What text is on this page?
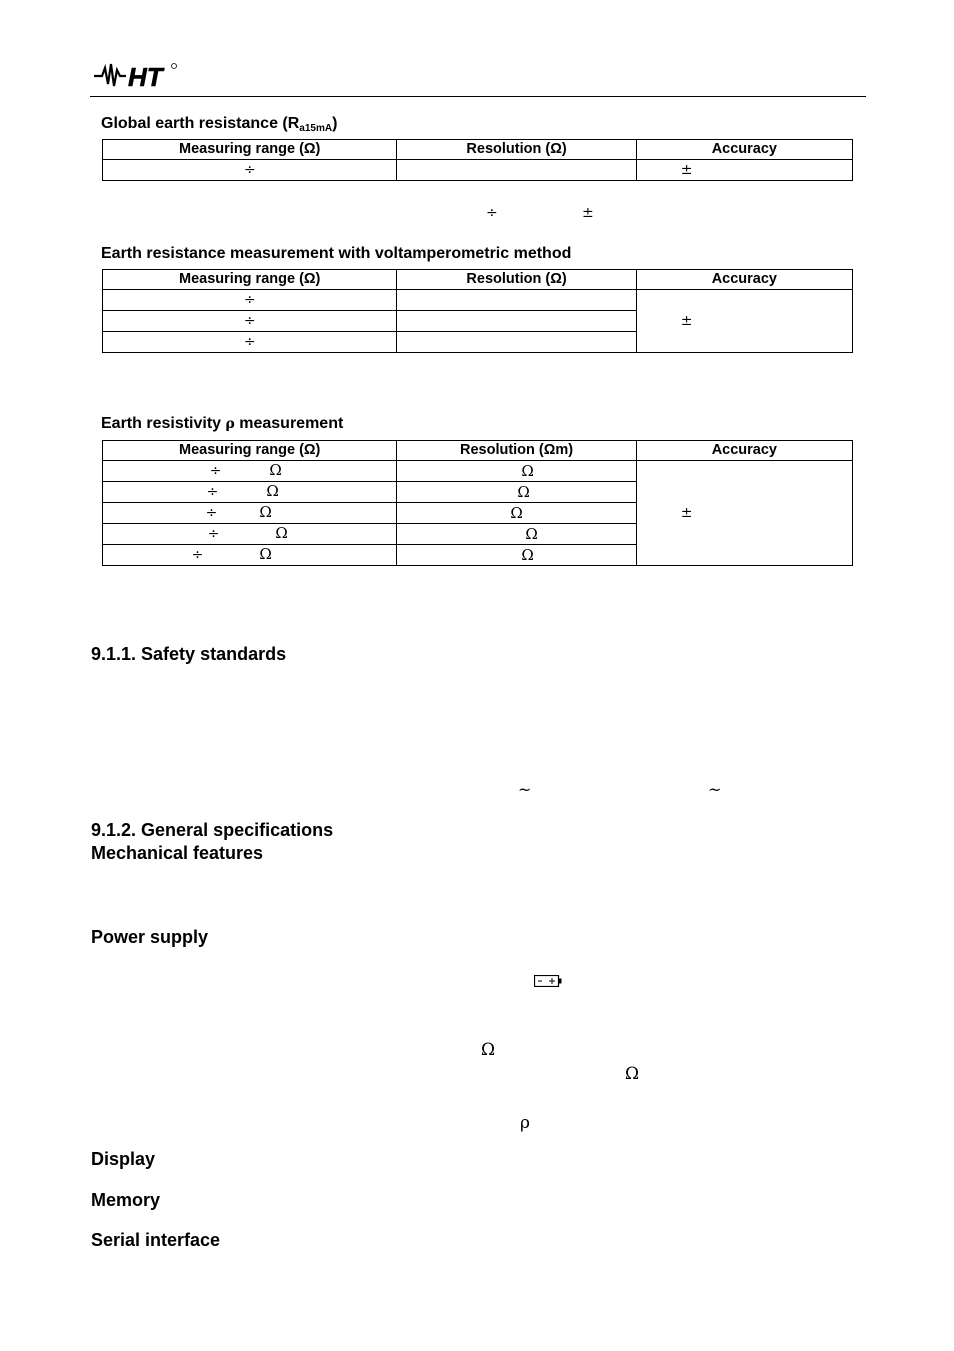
HT
Global earth resistance $(R_{a15mA})$
Measuring range (Ω)	Resolution (Ω)	Accuracy
÷		±
÷	±
Earth resistance measurement with voltamperometric method
Measuring range (Ω)	Resolution (Ω)	Accuracy
÷		±
÷		
÷		
Earth resistivity ρ measurement
Measuring range (Ω)	Resolution (Ωm)	Accuracy
÷ Ω	Ω	±
÷ Ω	Ω	
÷ Ω	Ω	
÷ Ω	Ω	
÷ Ω	Ω	
9.1.1. Safety standards
~	~
9.1.2. General specifications
Mechanical features
Power supply
Ω
Ω
ρ
Display
Memory
Serial interface
